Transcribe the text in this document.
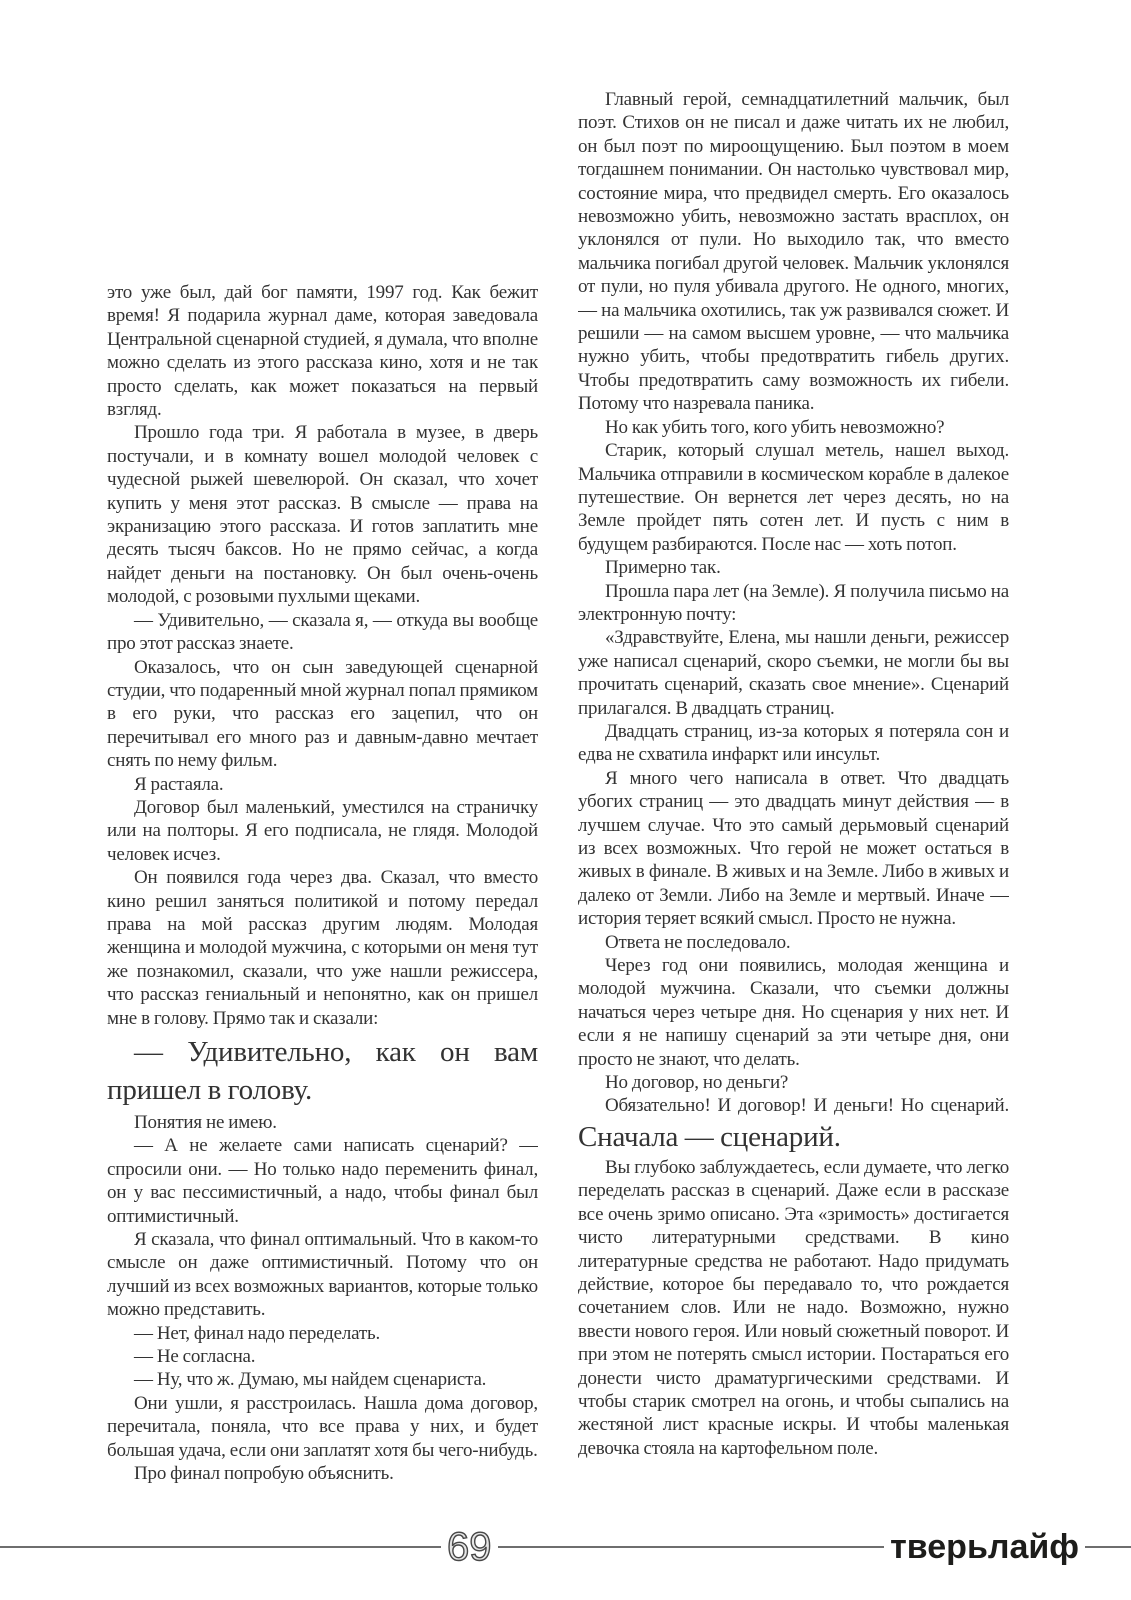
это уже был, дай бог памяти, 1997 год. Как бежит время! Я подарила журнал даме, которая заведовала Центральной сценарной студией, я думала, что вполне можно сделать из этого рассказа кино, хотя и не так просто сделать, как может показаться на первый взгляд.

Прошло года три. Я работала в музее, в дверь постучали, и в комнату вошел молодой человек с чудесной рыжей шевелюрой. Он сказал, что хочет купить у меня этот рассказ. В смысле — права на экранизацию этого рассказа. И готов заплатить мне десять тысяч баксов. Но не прямо сейчас, а когда найдет деньги на постановку. Он был очень-очень молодой, с розовыми пухлыми щеками.

— Удивительно, — сказала я, — откуда вы вообще про этот рассказ знаете.

Оказалось, что он сын заведующей сценарной студии, что подаренный мной журнал попал прямиком в его руки, что рассказ его зацепил, что он перечитывал его много раз и давным-давно мечтает снять по нему фильм.

Я растаяла.

Договор был маленький, уместился на страничку или на полторы. Я его подписала, не глядя. Молодой человек исчез.

Он появился года через два. Сказал, что вместо кино решил заняться политикой и потому передал права на мой рассказ другим людям. Молодая женщина и молодой мужчина, с которыми он меня тут же познакомил, сказали, что уже нашли режиссера, что рассказ гениальный и непонятно, как он пришел мне в голову. Прямо так и сказали:

— Удивительно, как он вам пришел в голову.

Понятия не имею.

— А не желаете сами написать сценарий? — спросили они. — Но только надо переменить финал, он у вас пессимистичный, а надо, чтобы финал был оптимистичный.

Я сказала, что финал оптимальный. Что в каком-то смысле он даже оптимистичный. Потому что он лучший из всех возможных вариантов, которые только можно представить.

— Нет, финал надо переделать.

— Не согласна.

— Ну, что ж. Думаю, мы найдем сценариста.

Они ушли, я расстроилась. Нашла дома договор, перечитала, поняла, что все права у них, и будет большая удача, если они заплатят хотя бы чего-нибудь.

Про финал попробую объяснить.

Главный герой, семнадцатилетний мальчик, был поэт. Стихов он не писал и даже читать их не любил, он был поэт по мироощущению. Был поэтом в моем тогдашнем понимании. Он настолько чувствовал мир, состояние мира, что предвидел смерть. Его оказалось невозможно убить, невозможно застать врасплох, он уклонялся от пули. Но выходило так, что вместо мальчика погибал другой человек. Мальчик уклонялся от пули, но пуля убивала другого. Не одного, многих, — на мальчика охотились, так уж развивался сюжет. И решили — на самом высшем уровне, — что мальчика нужно убить, чтобы предотвратить гибель других. Чтобы предотвратить саму возможность их гибели. Потому что назревала паника.

Но как убить того, кого убить невозможно?

Старик, который слушал метель, нашел выход. Мальчика отправили в космическом корабле в далекое путешествие. Он вернется лет через десять, но на Земле пройдет пять сотен лет. И пусть с ним в будущем разбираются. После нас — хоть потоп.

Примерно так.

Прошла пара лет (на Земле). Я получила письмо на электронную почту:

«Здравствуйте, Елена, мы нашли деньги, режиссер уже написал сценарий, скоро съемки, не могли бы вы прочитать сценарий, сказать свое мнение». Сценарий прилагался. В двадцать страниц.

Двадцать страниц, из-за которых я потеряла сон и едва не схватила инфаркт или инсульт.

Я много чего написала в ответ. Что двадцать убогих страниц — это двадцать минут действия — в лучшем случае. Что это самый дерьмовый сценарий из всех возможных. Что герой не может остаться в живых в финале. В живых и на Земле. Либо в живых и далеко от Земли. Либо на Земле и мертвый. Иначе — история теряет всякий смысл. Просто не нужна.

Ответа не последовало.

Через год они появились, молодая женщина и молодой мужчина. Сказали, что съемки должны начаться через четыре дня. Но сценария у них нет. И если я не напишу сценарий за эти четыре дня, они просто не знают, что делать.

Но договор, но деньги?

Обязательно! И договор! И деньги! Но сценарий. Сначала — сценарий.

Вы глубоко заблуждаетесь, если думаете, что легко переделать рассказ в сценарий. Даже если в рассказе все очень зримо описано. Эта «зримость» достигается чисто литературными средствами. В кино литературные средства не работают. Надо придумать действие, которое бы передавало то, что рождается сочетанием слов. Или не надо. Возможно, нужно ввести нового героя. Или новый сюжетный поворот. И при этом не потерять смысл истории. Постараться его донести чисто драматургическими средствами. И чтобы старик смотрел на огонь, и чтобы сыпались на жестяной лист красные искры. И чтобы маленькая девочка стояла на картофельном поле.

69	тверьлайф
